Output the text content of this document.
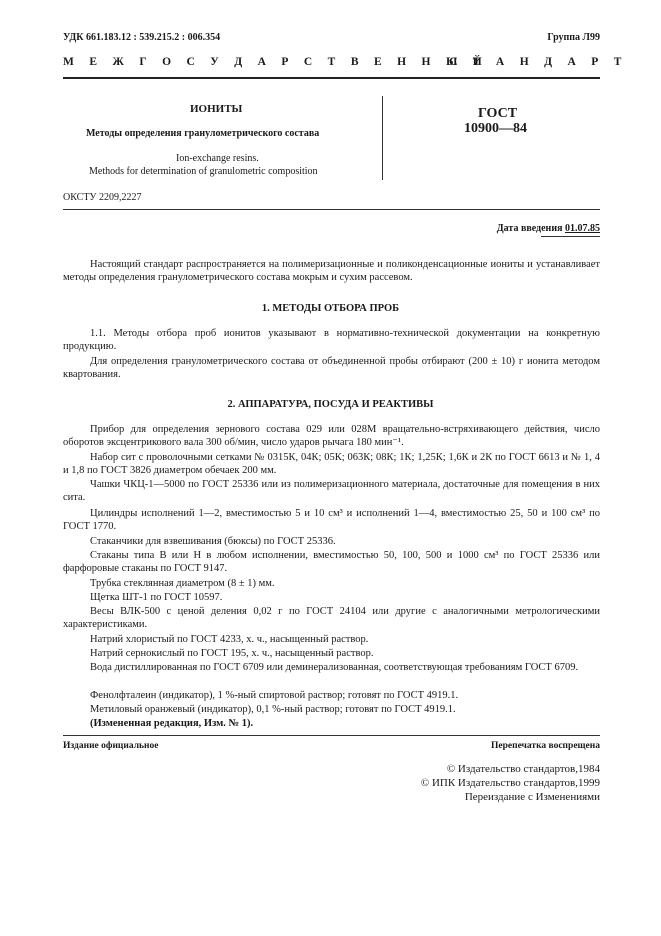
УДК 661.183.12 : 539.215.2 : 006.354	Группа Л99
М Е Ж Г О С У Д А Р С Т В Е Н Н Ы Й
С Т А Н Д А Р Т
ИОНИТЫ
Методы определения гранулометрического состава
Ion-exchange resins.
Methods for determination of granulometric composition
ГОСТ
10900—84
ОКСТУ 2209,2227
Дата введения 01.07.85
Настоящий стандарт распространяется на полимеризационные и поликонденсационные иониты и устанавливает методы определения гранулометрического состава мокрым и сухим рассевом.
1. МЕТОДЫ ОТБОРА ПРОБ
1.1. Методы отбора проб ионитов указывают в нормативно-технической документации на конкретную продукцию.
Для определения гранулометрического состава от объединенной пробы отбирают (200 ± 10) г ионита методом квартования.
2. АППАРАТУРА, ПОСУДА И РЕАКТИВЫ
Прибор для определения зернового состава 029 или 028М вращательно-встряхивающего действия, число оборотов эксцентрикового вала 300 об/мин, число ударов рычага 180 мин⁻¹.
Набор сит с проволочными сетками № 0315К, 04К; 05К; 063К; 08К; 1К; 1,25К; 1,6К и 2К по ГОСТ 6613 и № 1, 4 и 1,8 по ГОСТ 3826 диаметром обечаек 200 мм.
Чашки ЧКЦ-1—5000 по ГОСТ 25336 или из полимеризационного материала, достаточные для помещения в них сита.
Цилиндры исполнений 1—2, вместимостью 5 и 10 см³ и исполнений 1—4, вместимостью 25, 50 и 100 см³ по ГОСТ 1770.
Стаканчики для взвешивания (бюксы) по ГОСТ 25336.
Стаканы типа В или Н в любом исполнении, вместимостью 50, 100, 500 и 1000 см³ по ГОСТ 25336 или фарфоровые стаканы по ГОСТ 9147.
Трубка стеклянная диаметром (8 ± 1) мм.
Щетка ШТ-1 по ГОСТ 10597.
Весы ВЛК-500 с ценой деления 0,02 г по ГОСТ 24104 или другие с аналогичными метрологическими характеристиками.
Натрий хлористый по ГОСТ 4233, х. ч., насыщенный раствор.
Натрий сернокислый по ГОСТ 195, х. ч., насыщенный раствор.
Вода дистиллированная по ГОСТ 6709 или деминерализованная, соответствующая требованиям ГОСТ 6709.
Фенолфталеин (индикатор), 1 %-ный спиртовой раствор; готовят по ГОСТ 4919.1.
Метиловый оранжевый (индикатор), 0,1 %-ный раствор; готовят по ГОСТ 4919.1.
(Измененная редакция, Изм. № 1).
Издание официальное	Перепечатка воспрещена
© Издательство стандартов,1984
© ИПК Издательство стандартов,1999
Переиздание с Изменениями
